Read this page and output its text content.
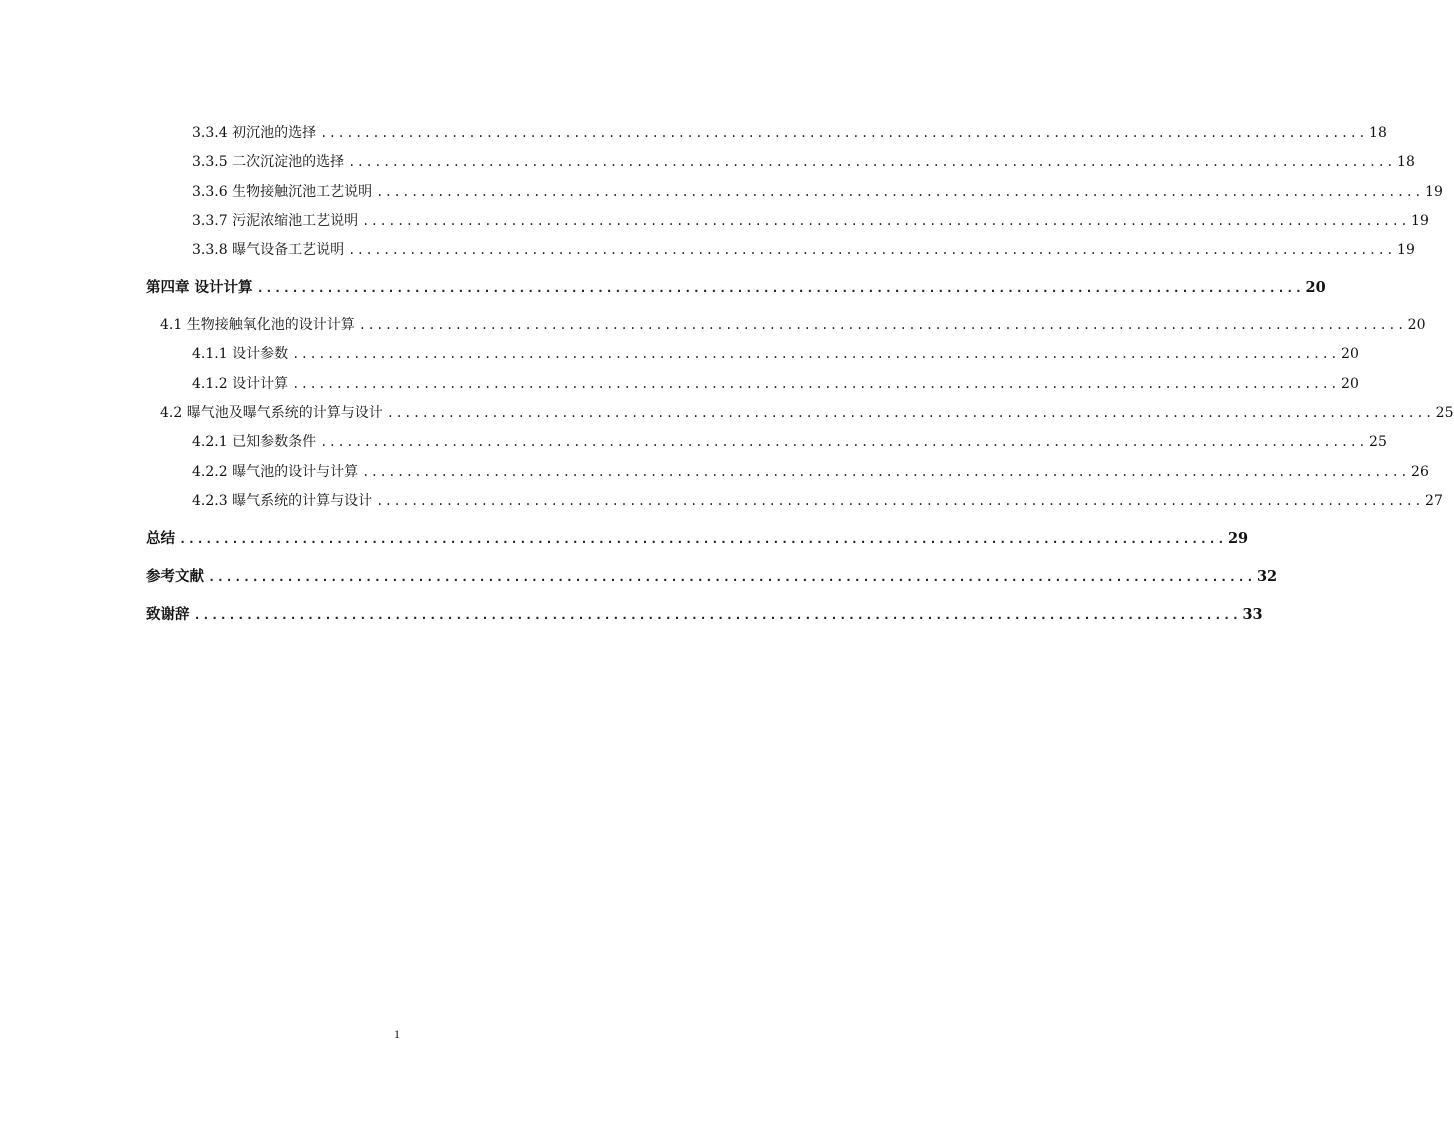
3.3.4 初沉池的选择 ........................................................................................................................ 18
3.3.5 二次沉淀池的选择 ........................................................................................................................ 18
3.3.6 生物接触沉池工艺说明 ........................................................................................................................ 19
3.3.7 污泥浓缩池工艺说明 ........................................................................................................................ 19
3.3.8 曝气设备工艺说明 ........................................................................................................................ 19
第四章 设计计算 ........................................................................................................................ 20
4.1 生物接触氧化池的设计计算 ........................................................................................................................ 20
4.1.1 设计参数 ........................................................................................................................ 20
4.1.2 设计计算 ........................................................................................................................ 20
4.2 曝气池及曝气系统的计算与设计 ........................................................................................................................ 25
4.2.1 已知参数条件 ........................................................................................................................ 25
4.2.2 曝气池的设计与计算 ........................................................................................................................ 26
4.2.3 曝气系统的计算与设计 ........................................................................................................................ 27
总结 ........................................................................................................................ 29
参考文献 ........................................................................................................................ 32
致谢辞 ........................................................................................................................ 33
1
